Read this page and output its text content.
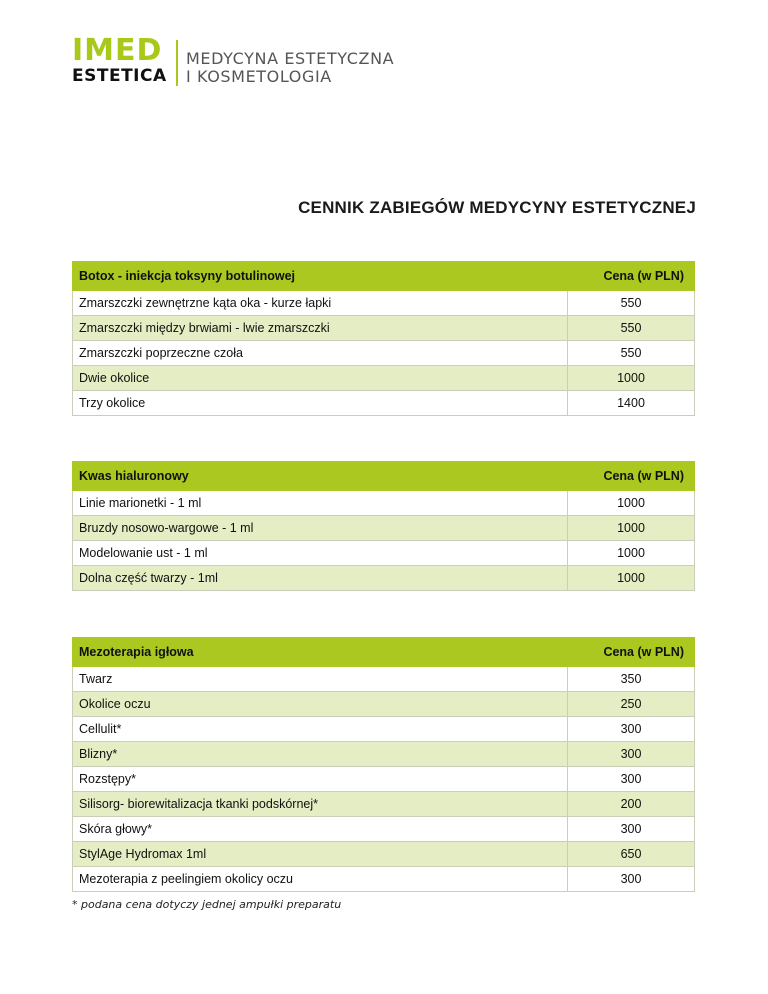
IMED
ESTETICA
MEDYCYNA ESTETYCZNA
I KOSMETOLOGIA
CENNIK ZABIEGÓW MEDYCYNY ESTETYCZNEJ
Botox - iniekcja toksyny botulinowej	Cena (w PLN)
Zmarszczki zewnętrzne kąta oka - kurze łapki	550
Zmarszczki między brwiami - lwie zmarszczki	550
Zmarszczki poprzeczne czoła	550
Dwie okolice	1000
Trzy okolice	1400
Kwas hialuronowy	Cena (w PLN)
Linie marionetki - 1 ml	1000
Bruzdy nosowo-wargowe - 1 ml	1000
Modelowanie ust - 1 ml	1000
Dolna część twarzy - 1ml	1000
Mezoterapia igłowa	Cena (w PLN)
Twarz	350
Okolice oczu	250
Cellulit*	300
Blizny*	300
Rozstępy*	300
Silisorg- biorewitalizacja tkanki podskórnej*	200
Skóra głowy*	300
StylAge Hydromax 1ml	650
Mezoterapia z peelingiem okolicy oczu	300
* podana cena dotyczy jednej ampułki preparatu
